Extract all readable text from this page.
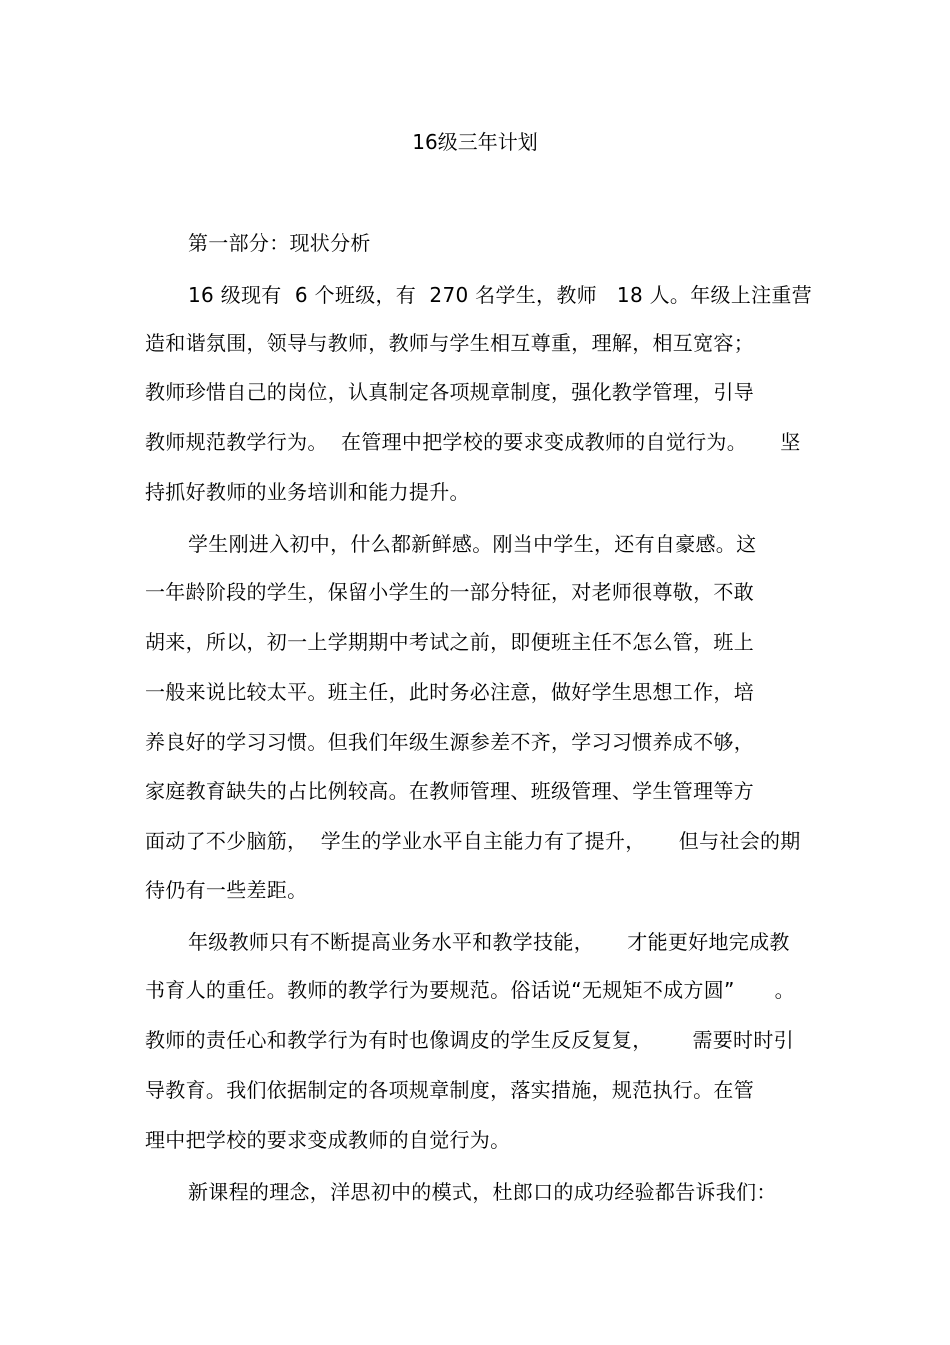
16级三年计划
第一部分：现状分析
16 级现有  6 个班级，有  270 名学生，教师   18 人。年级上注重营
造和谐氛围，领导与教师，教师与学生相互尊重，理解，相互宽容；
教师珍惜自己的岗位，认真制定各项规章制度，强化教学管理，引导
教师规范教学行为。  在管理中把学校的要求变成教师的自觉行为。     坚
持抓好教师的业务培训和能力提升。
学生刚进入初中，什么都新鲜感。刚当中学生，还有自豪感。这
一年龄阶段的学生，保留小学生的一部分特征，对老师很尊敬，不敢
胡来，所以，初一上学期期中考试之前，即便班主任不怎么管，班上
一般来说比较太平。班主任，此时务必注意，做好学生思想工作，培
养良好的学习习惯。但我们年级生源参差不齐，学习习惯养成不够，
家庭教育缺失的占比例较高。在教师管理、班级管理、学生管理等方
面动了不少脑筋，  学生的学业水平自主能力有了提升，     但与社会的期
待仍有一些差距。
年级教师只有不断提高业务水平和教学技能，     才能更好地完成教
书育人的重任。教师的教学行为要规范。俗话说“无规矩不成方圆”      。
教师的责任心和教学行为有时也像调皮的学生反反复复，      需要时时引
导教育。我们依据制定的各项规章制度，落实措施，规范执行。在管
理中把学校的要求变成教师的自觉行为。
新课程的理念，洋思初中的模式，杜郎口的成功经验都告诉我们：
